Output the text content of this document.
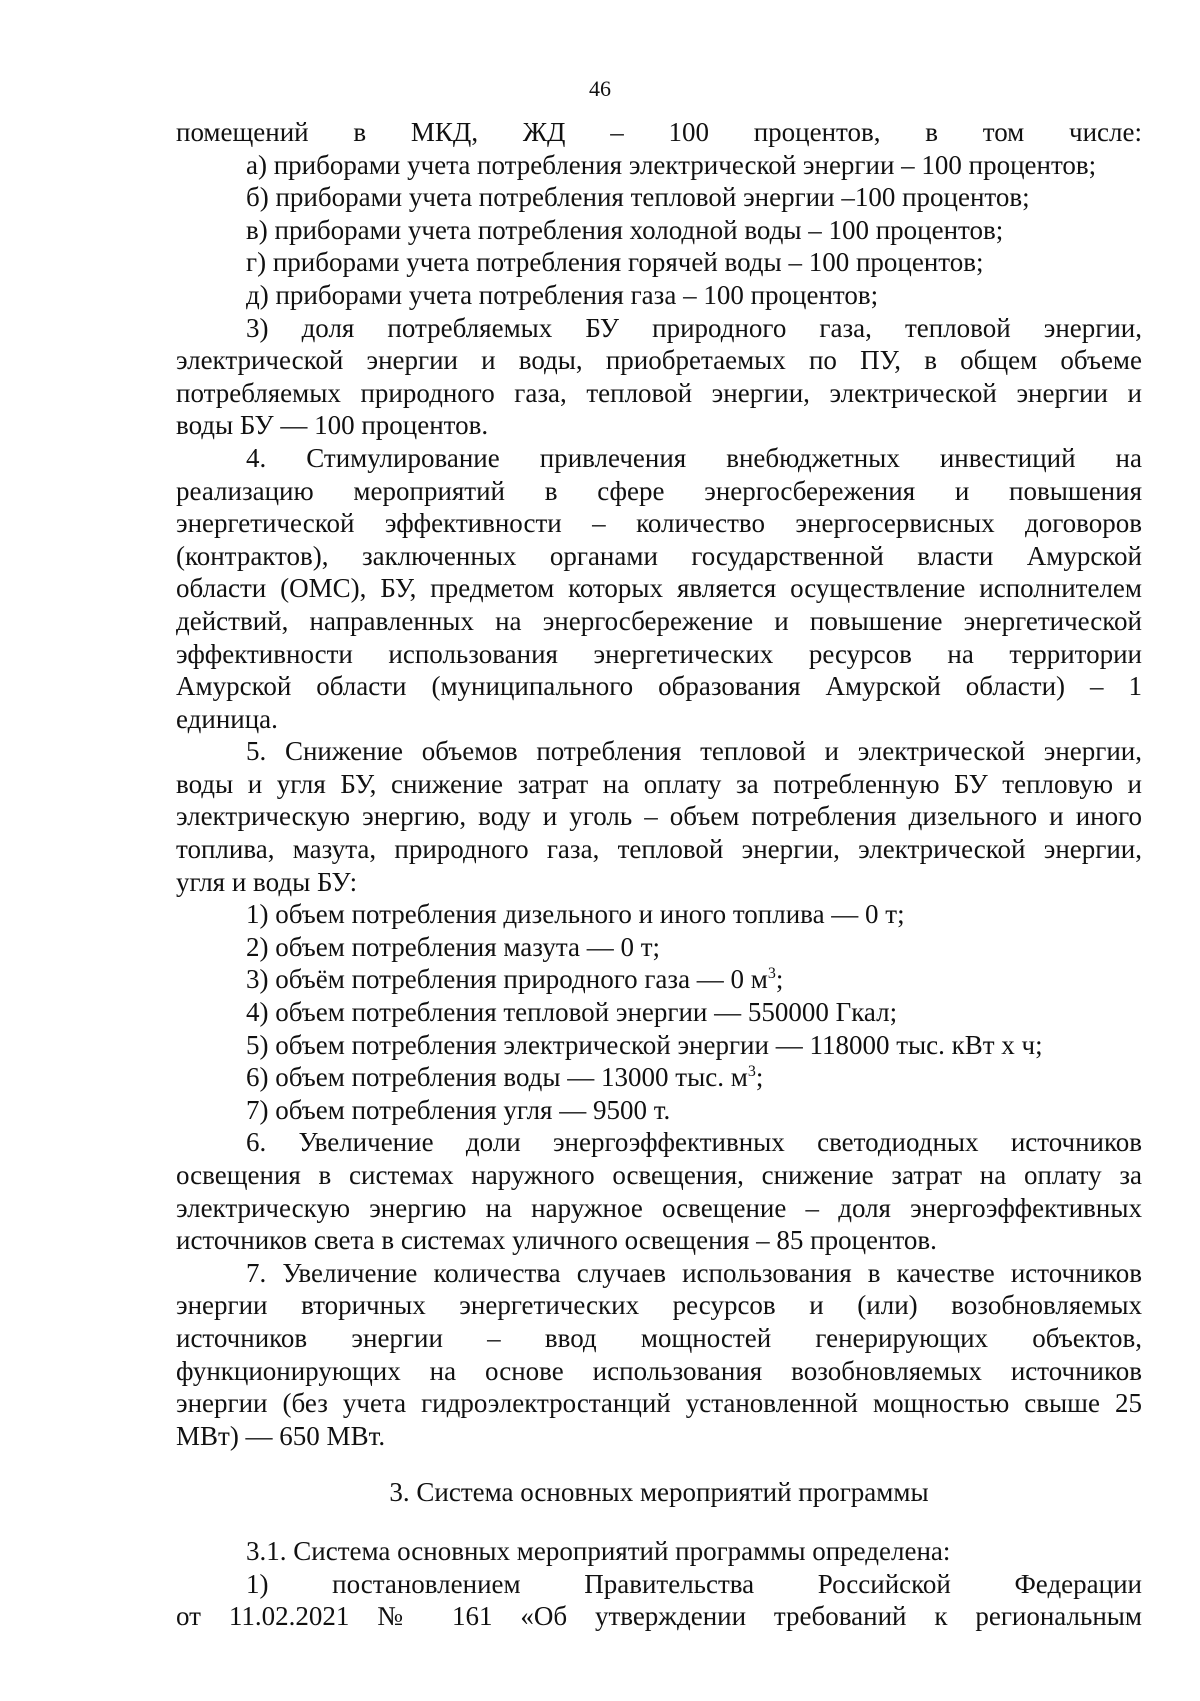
46

помещений в МКД, ЖД – 100 процентов, в том числе:

а) приборами учета потребления электрической энергии – 100 процентов;

б) приборами учета потребления тепловой энергии –100 процентов;

в) приборами учета потребления холодной воды – 100 процентов;

г) приборами учета потребления горячей воды – 100 процентов;

д) приборами учета потребления газа – 100 процентов;

3) доля потребляемых БУ природного газа, тепловой энергии,

электрической энергии и воды, приобретаемых по ПУ, в общем объеме

потребляемых природного газа, тепловой энергии, электрической энергии и

воды БУ — 100 процентов.

4. Стимулирование привлечения внебюджетных инвестиций на

реализацию мероприятий в сфере энергосбережения и повышения

энергетической эффективности – количество энергосервисных договоров

(контрактов), заключенных органами государственной власти Амурской

области (ОМС), БУ, предметом которых является осуществление исполнителем

действий, направленных на энергосбережение и повышение энергетической

эффективности использования энергетических ресурсов на территории

Амурской области (муниципального образования Амурской области) – 1

единица.

5. Снижение объемов потребления тепловой и электрической энергии,

воды и угля БУ, снижение затрат на оплату за потребленную БУ тепловую и

электрическую энергию, воду и уголь – объем потребления дизельного и иного

топлива, мазута, природного газа, тепловой энергии, электрической энергии,

угля и воды БУ:

1) объем потребления дизельного и иного топлива — 0 т;

2) объем потребления мазута — 0 т;

3) объём потребления природного газа — 0 $м^3$;

4) объем потребления тепловой энергии — 550000 Гкал;

5) объем потребления электрической энергии — 118000 тыс. кВт х ч;

6) объем потребления воды — 13000 тыс. $м^3$;

7) объем потребления угля — 9500 т.

6. Увеличение доли энергоэффективных светодиодных источников

освещения в системах наружного освещения, снижение затрат на оплату за

электрическую энергию на наружное освещение – доля энергоэффективных

источников света в системах уличного освещения – 85 процентов.

7. Увеличение количества случаев использования в качестве источников

энергии вторичных энергетических ресурсов и (или) возобновляемых

источников энергии – ввод мощностей генерирующих объектов,

функционирующих на основе использования возобновляемых источников

энергии (без учета гидроэлектростанций установленной мощностью свыше 25

МВт) — 650 МВт.

3. Система основных мероприятий программы

3.1. Система основных мероприятий программы определена:

1) постановлением Правительства Российской Федерации

от 11.02.2021 № 161 «Об утверждении требований к региональным
